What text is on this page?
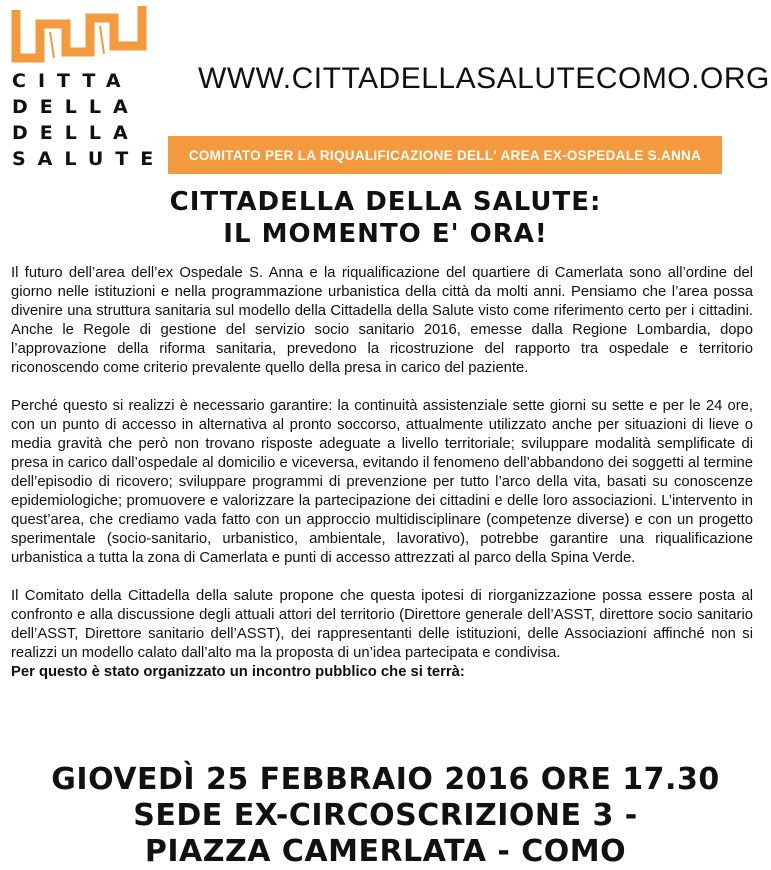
CITTA
DELLA
DELLA
SALUTE
WWW.CITTADELLASALUTECOMO.ORG
COMITATO PER LA RIQUALIFICAZIONE DELL' AREA EX-OSPEDALE S.ANNA
CITTADELLA DELLA SALUTE:
IL MOMENTO E' ORA!

Il futuro dell’area dell’ex Ospedale S. Anna e la riqualificazione del quartiere di Camerlata sono all’ordine del giorno nelle istituzioni e nella programmazione urbanistica della città da molti anni. Pensiamo che l’area possa divenire una struttura sanitaria sul modello della Cittadella della Salute visto come riferimento certo per i cittadini. Anche le Regole di gestione del servizio socio sanitario 2016, emesse dalla Regione Lombardia, dopo l’approvazione della riforma sanitaria, prevedono la ricostruzione del rapporto tra ospedale e territorio riconoscendo come criterio prevalente quello della presa in carico del paziente.

Perché questo si realizzi è necessario garantire: la continuità assistenziale sette giorni su sette e per le 24 ore, con un punto di accesso in alternativa al pronto soccorso, attualmente utilizzato anche per situazioni di lieve o media gravità che però non trovano risposte adeguate a livello territoriale; sviluppare modalità semplificate di presa in carico dall’ospedale al domicilio e viceversa, evitando il fenomeno dell’abbandono dei soggetti al termine dell’episodio di ricovero; sviluppare programmi di prevenzione per tutto l’arco della vita, basati su conoscenze epidemiologiche; promuovere e valorizzare la partecipazione dei cittadini e delle loro associazioni. L’intervento in quest’area, che crediamo vada fatto con un approccio multidisciplinare (competenze diverse) e con un progetto sperimentale (socio-sanitario, urbanistico, ambientale, lavorativo), potrebbe garantire una riqualificazione urbanistica a tutta la zona di Camerlata e punti di accesso attrezzati al parco della Spina Verde.

Il Comitato della Cittadella della salute propone che questa ipotesi di riorganizzazione possa essere posta al confronto e alla discussione degli attuali attori del territorio (Direttore generale dell’ASST, direttore socio sanitario dell’ASST, Direttore sanitario dell’ASST), dei rappresentanti delle istituzioni, delle Associazioni affinché non si realizzi un modello calato dall’alto ma la proposta di un’idea partecipata e condivisa.

Per questo è stato organizzato un incontro pubblico che si terrà:

GIOVEDÌ 25 FEBBRAIO 2016 ORE 17.30
SEDE EX-CIRCOSCRIZIONE 3 -
PIAZZA CAMERLATA - COMO
